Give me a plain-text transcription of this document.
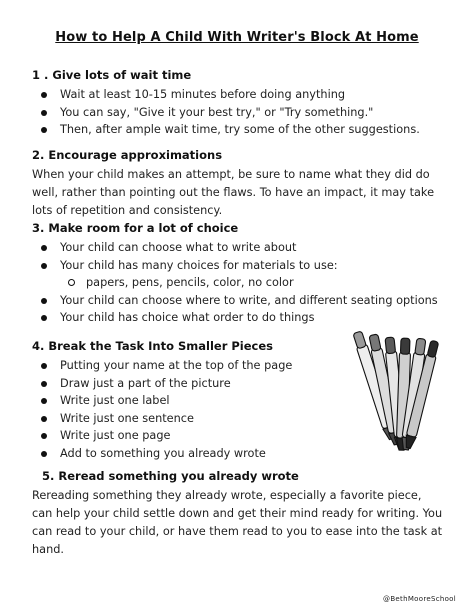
How to Help A Child With Writer's Block At Home
1 . Give lots of wait time
Wait at least 10-15 minutes before doing anything
You can say, "Give it your best try," or "Try something."
Then, after ample wait time, try some of the other suggestions.
2. Encourage approximations
When your child makes an attempt, be sure to name what they did do well, rather than pointing out the flaws. To have an impact, it may take lots of repetition and consistency.
3. Make room for a lot of choice
Your child can choose what to write about
Your child has many choices for materials to use:
papers, pens, pencils, color, no color
Your child can choose where to write, and different seating options
Your child has choice what order to do things
4. Break the Task Into Smaller Pieces
Putting your name at the top of the page
Draw just a part of the picture
Write just one label
Write just one sentence
Write just one page
Add to something you already wrote
5. Reread something you already wrote
Rereading something they already wrote, especially a favorite piece, can help your child settle down and get their mind ready for writing. You can read to your child, or have them read to you to ease into the task at hand.
@BethMooreSchool
